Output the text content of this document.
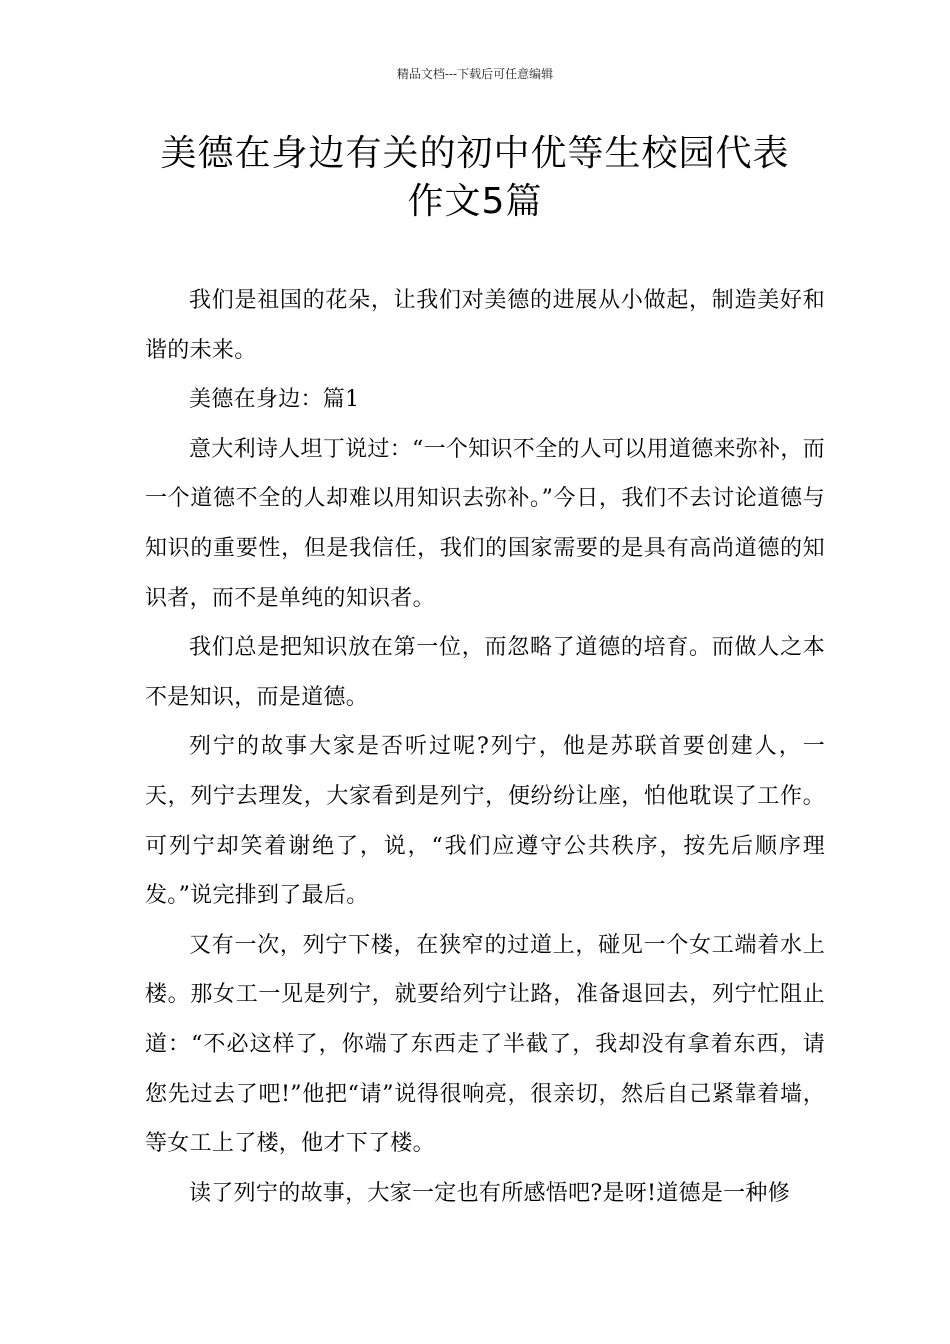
精品文档---下载后可任意编辑
美德在身边有关的初中优等生校园代表
作文5篇

我们是祖国的花朵，让我们对美德的进展从小做起，制造美好和谐的未来。

美德在身边：篇1

意大利诗人坦丁说过：“一个知识不全的人可以用道德来弥补，而一个道德不全的人却难以用知识去弥补。”今日，我们不去讨论道德与知识的重要性，但是我信任，我们的国家需要的是具有高尚道德的知识者，而不是单纯的知识者。

我们总是把知识放在第一位，而忽略了道德的培育。而做人之本不是知识，而是道德。

列宁的故事大家是否听过呢?列宁，他是苏联首要创建人，一天，列宁去理发，大家看到是列宁，便纷纷让座，怕他耽误了工作。可列宁却笑着谢绝了，说，“我们应遵守公共秩序，按先后顺序理发。”说完排到了最后。

又有一次，列宁下楼，在狭窄的过道上，碰见一个女工端着水上楼。那女工一见是列宁，就要给列宁让路，准备退回去，列宁忙阻止道：“不必这样了，你端了东西走了半截了，我却没有拿着东西，请您先过去了吧!”他把“请”说得很响亮，很亲切，然后自己紧靠着墙，等女工上了楼，他才下了楼。

读了列宁的故事，大家一定也有所感悟吧?是呀!道德是一种修
